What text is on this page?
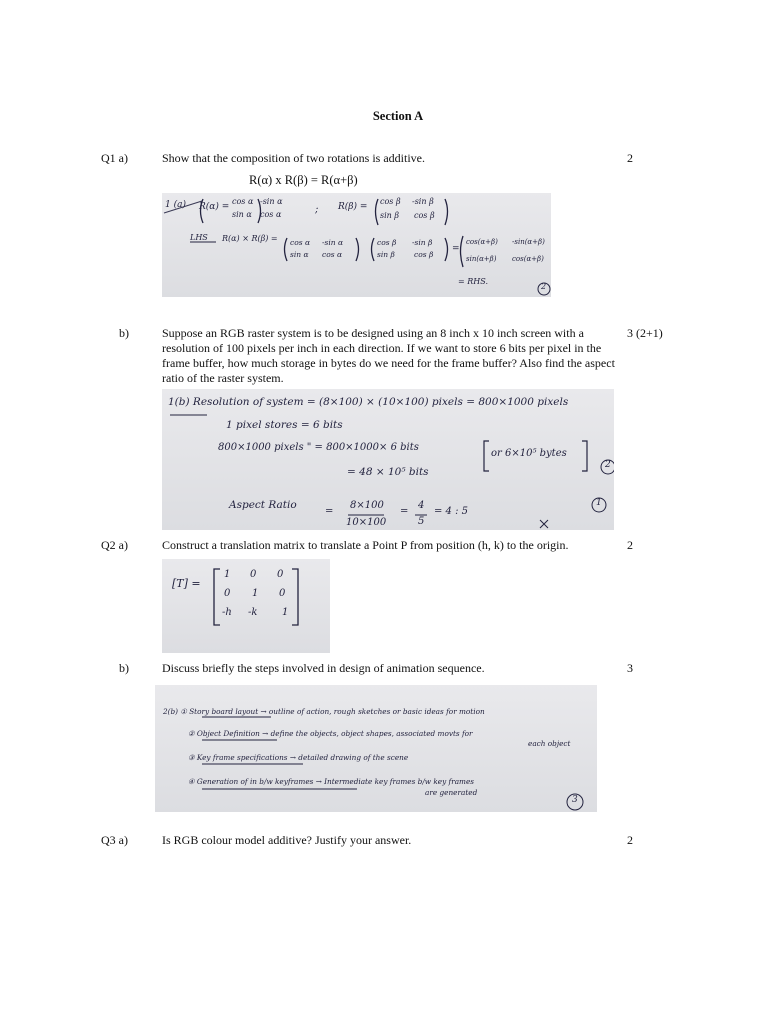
Section A
Q1 a)	Show that the composition of two rotations is additive.	2
R(α) x R(β) = R(α+β)
1 (a) R(α) =
cos α -sin α
sin α cos α	; R(β) =
cos β -sin β
sin β cos β
LHS R(α) × R(β) = cos α -sin α
sin α cos α
cos β -sin β
sin β	cos β
=
cos(α+β) -sin(α+β)
sin(α+β) cos(α+β)
= RHS.
2
b)	Suppose an RGB raster system is to be designed using an 8 inch x 10 inch screen with a resolution of 100 pixels per inch in each direction. If we want to store 6 bits per pixel in the frame buffer, how much storage in bytes do we need for the frame buffer? Also find the aspect ratio of the raster system.
3 (2+1)
1(b) Resolution of system = (8×100) × (10×100) pixels = 800×1000 pixels
1 pixel stores = 6 bits
800×1000 pixels " = 800×1000× 6 bits
or 6×10⁵ bytes
= 48 × 10⁵ bits
2
Aspect Ratio
=
8×100
10×100
=
4
5
= 4 : 5
1
Q2 a)	Construct a translation matrix to translate a Point P from position (h, k) to the origin.	2
[T] =
1 0 0
0 1 0
-h -k 1
b)	Discuss briefly the steps involved in design of animation sequence.	3
2(b) ① Story board layout → outline of action, rough sketches or basic ideas for motion
② Object Definition → define the objects, object shapes, associated movts for
each object
③ Key frame specifications → detailed drawing of the scene
④ Generation of in b/w keyframes → Intermediate key frames b/w key frames
are generated
3
Q3 a)	Is RGB colour model additive? Justify your answer.	2
